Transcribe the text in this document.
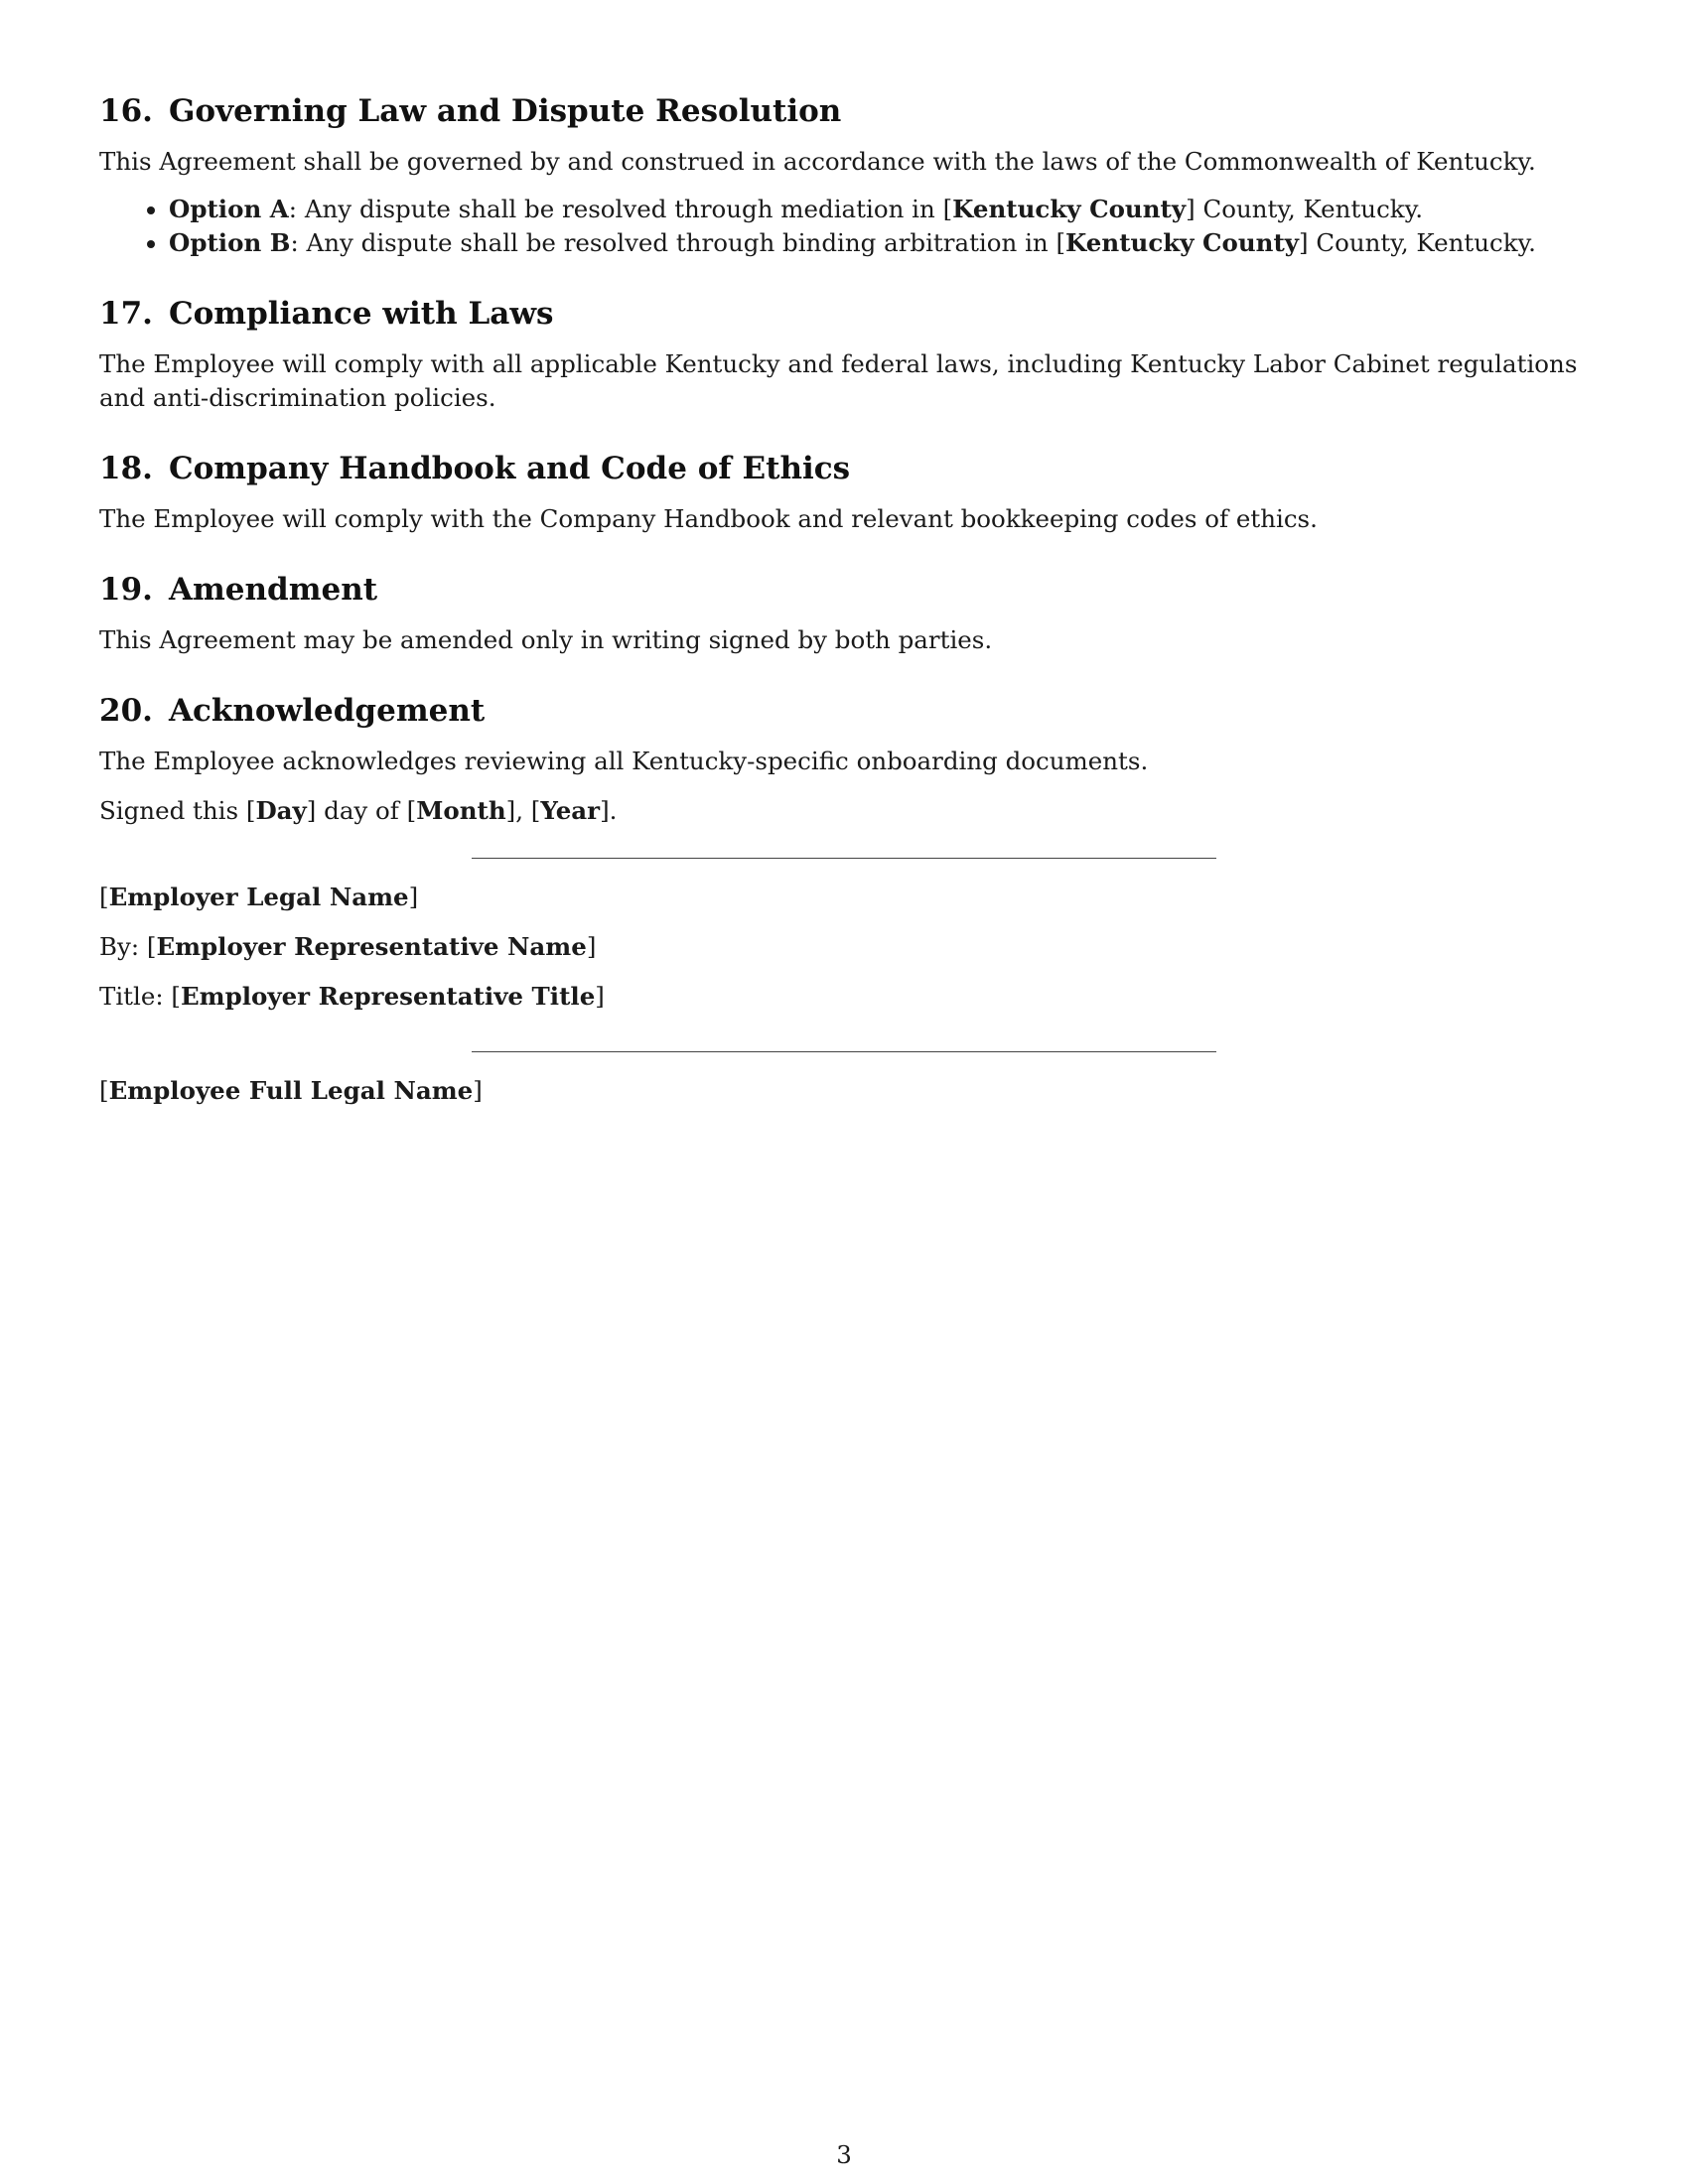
16. Governing Law and Dispute Resolution

This Agreement shall be governed by and construed in accordance with the laws of the Commonwealth of Kentucky.

• Option A: Any dispute shall be resolved through mediation in [Kentucky County] County, Kentucky.
• Option B: Any dispute shall be resolved through binding arbitration in [Kentucky County] County, Kentucky.
17. Compliance with Laws

The Employee will comply with all applicable Kentucky and federal laws, including Kentucky Labor Cabinet regulations and anti-discrimination policies.

18. Company Handbook and Code of Ethics

The Employee will comply with the Company Handbook and relevant bookkeeping codes of ethics.

19. Amendment

This Agreement may be amended only in writing signed by both parties.

20. Acknowledgement

The Employee acknowledges reviewing all Kentucky-specific onboarding documents.

Signed this [Day] day of [Month], [Year].

[Employer Legal Name]

By: [Employer Representative Name]

Title: [Employer Representative Title]

[Employee Full Legal Name]

3
